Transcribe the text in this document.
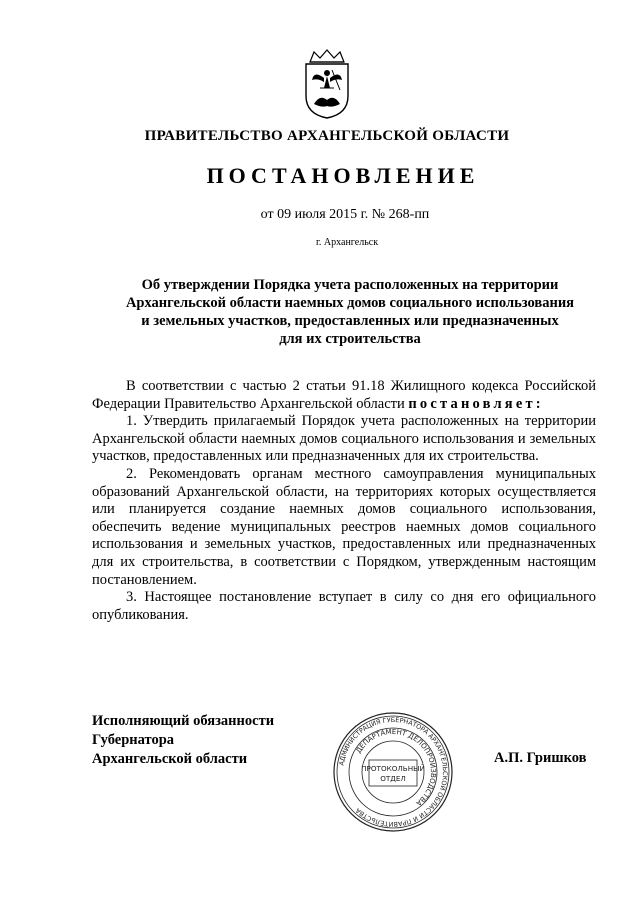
ПРАВИТЕЛЬСТВО АРХАНГЕЛЬСКОЙ ОБЛАСТИ
ПОСТАНОВЛЕНИЕ
от 09 июля 2015 г. № 268-пп
г. Архангельск
Об утверждении Порядка учета расположенных на территории
Архангельской области наемных домов социального использования
и земельных участков, предоставленных или предназначенных
для их строительства

В соответствии с частью 2 статьи 91.18 Жилищного кодекса Российской Федерации Правительство Архангельской области постановляет:

1. Утвердить прилагаемый Порядок учета расположенных на территории Архангельской области наемных домов социального использования и земельных участков, предоставленных или предназначенных для их строительства.

2. Рекомендовать органам местного самоуправления муниципальных образований Архангельской области, на территориях которых осуществляется или планируется создание наемных домов социального использования, обеспечить ведение муниципальных реестров наемных домов социального использования и земельных участков, предоставленных или предназначенных для их строительства, в соответствии с Порядком, утвержденным настоящим постановлением.

3. Настоящее постановление вступает в силу со дня его официального опубликования.

Исполняющий обязанности
Губернатора
Архангельской области	А.П. Гришков
АДМИНИСТРАЦИЯ ГУБЕРНАТОРА АРХАНГЕЛЬСКОЙ ОБЛАСТИ И ПРАВИТЕЛЬСТВА
ДЕПАРТАМЕНТ ДЕЛОПРОИЗВОДСТВА
ПРОТОКОЛЬНЫЙ
ОТДЕЛ
